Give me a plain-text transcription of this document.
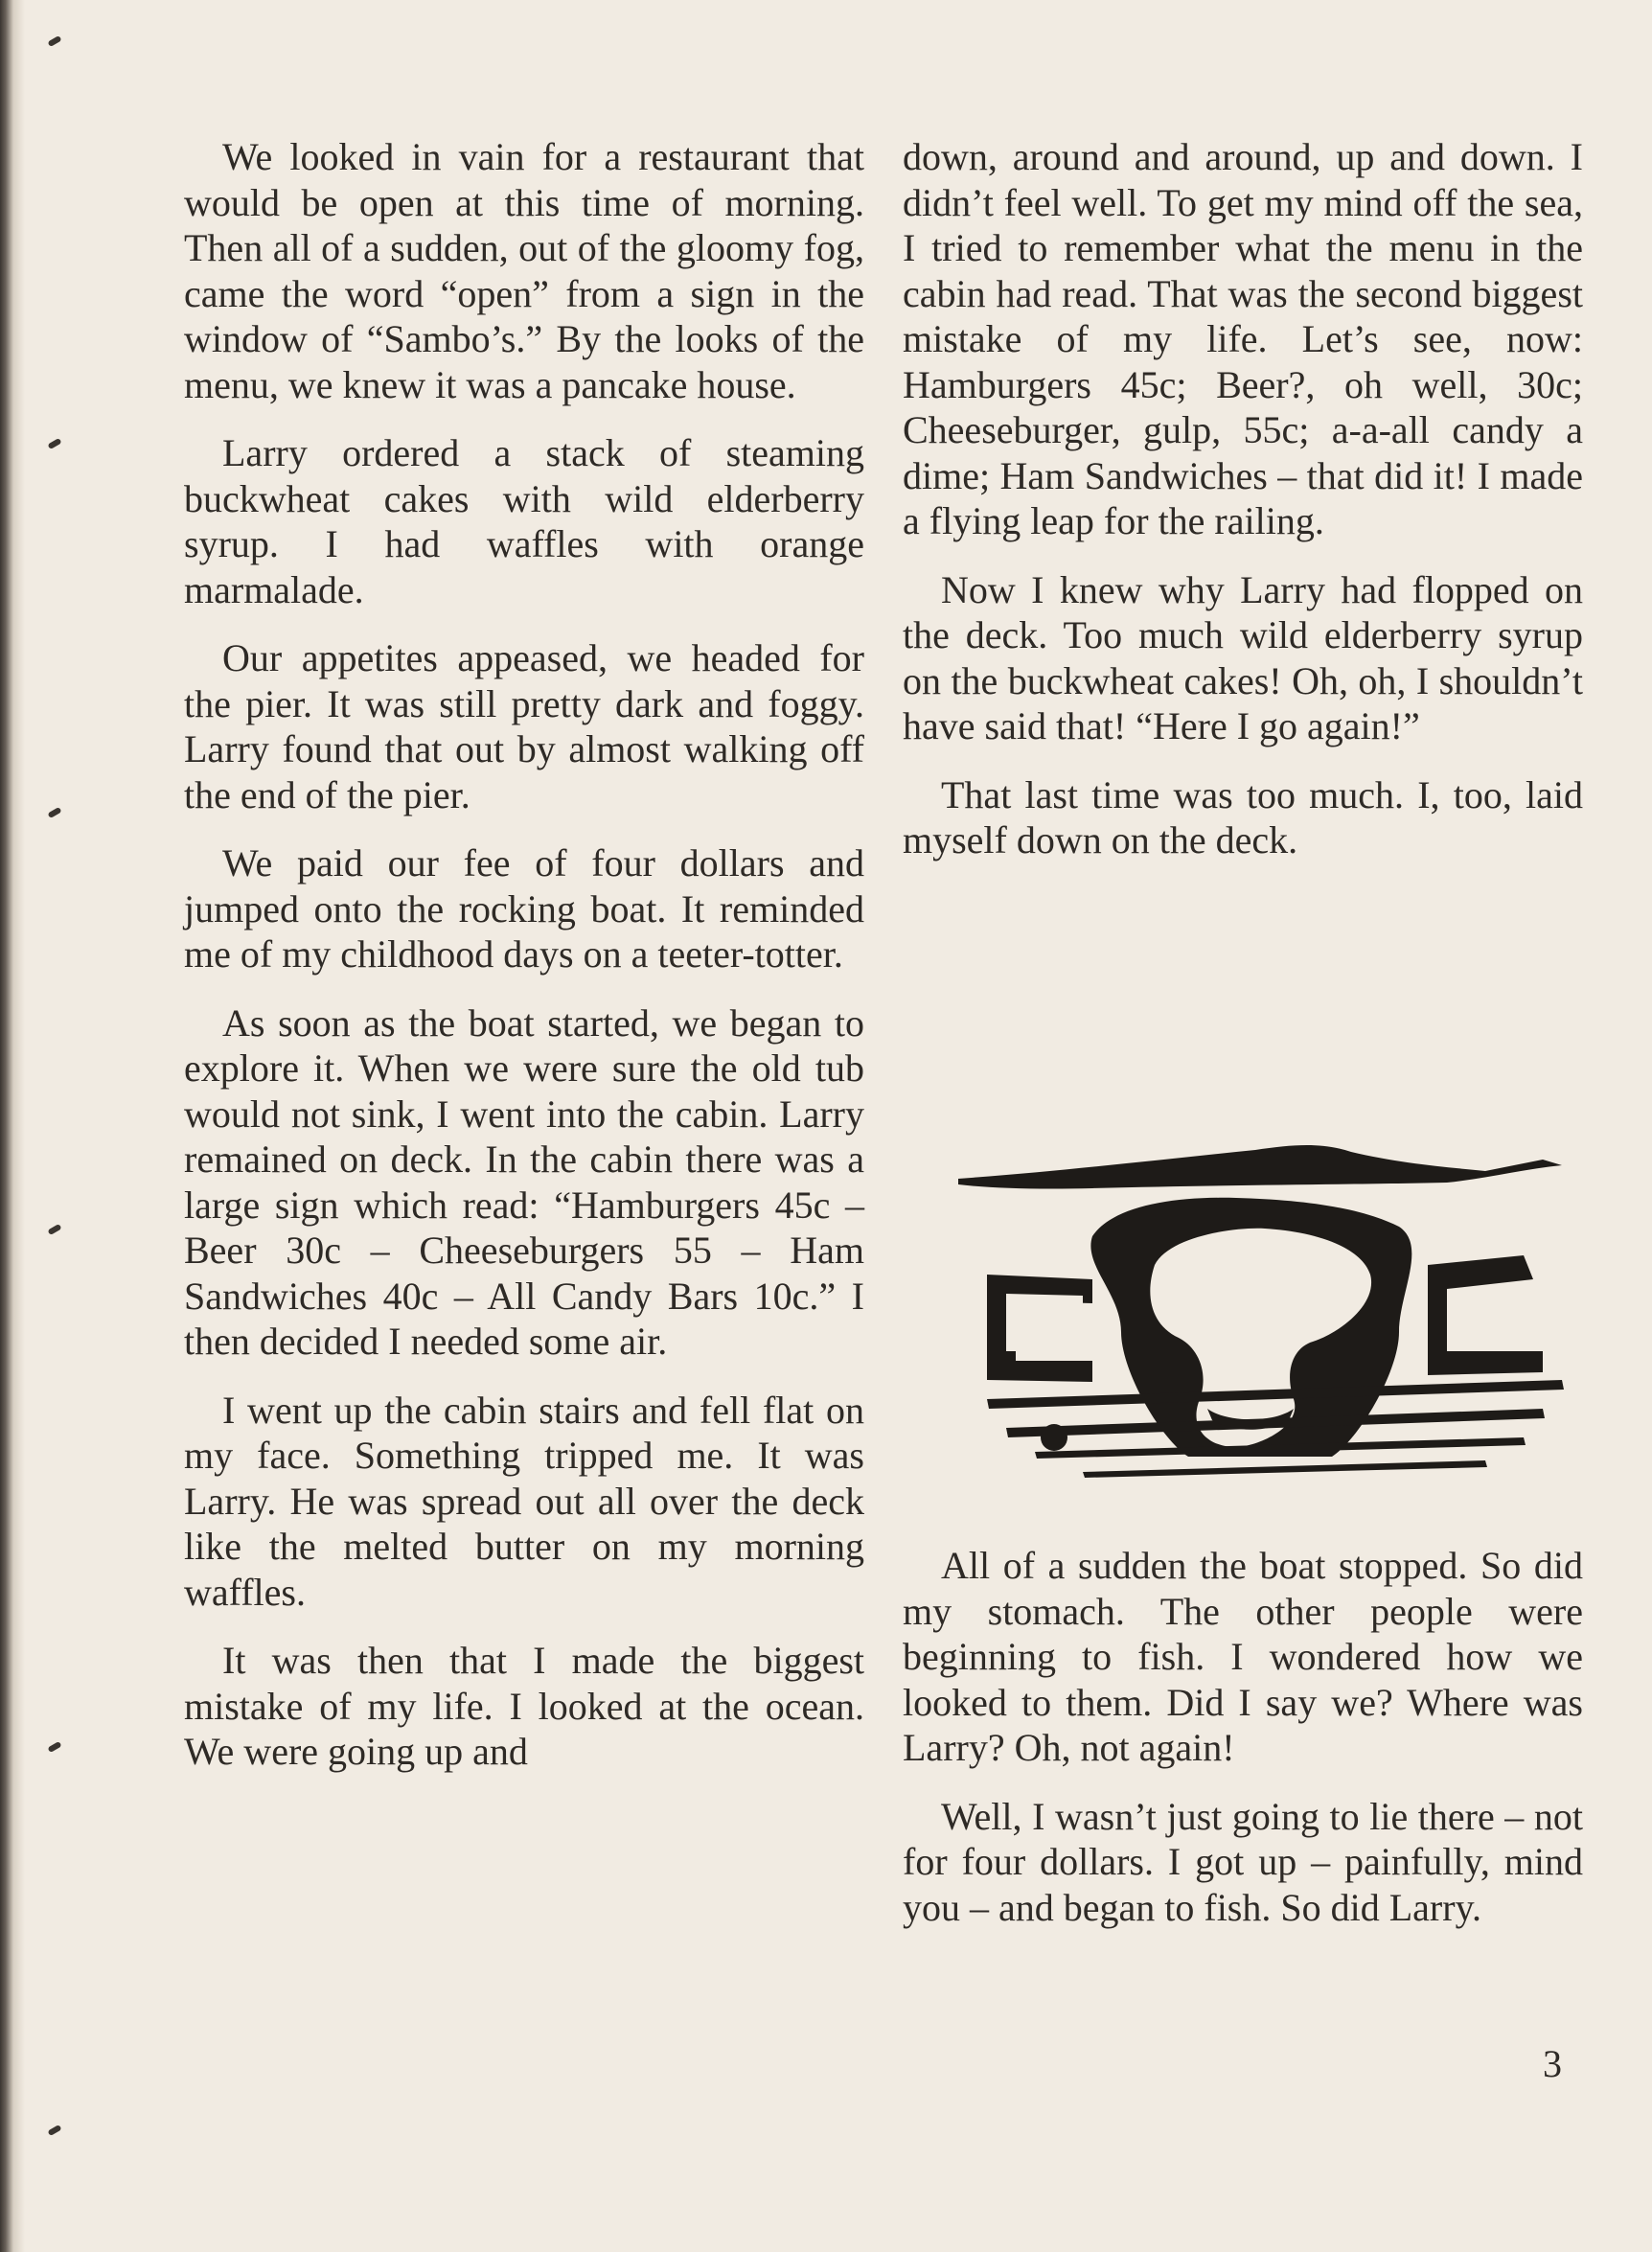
We looked in vain for a restaurant that would be open at this time of morning. Then all of a sudden, out of the gloomy fog, came the word “open” from a sign in the window of “Sambo’s.” By the looks of the menu, we knew it was a pancake house.

Larry ordered a stack of steaming buckwheat cakes with wild elderberry syrup. I had waffles with orange marmalade.

Our appetites appeased, we headed for the pier. It was still pretty dark and foggy. Larry found that out by almost walking off the end of the pier.

We paid our fee of four dollars and jumped onto the rocking boat. It reminded me of my childhood days on a teeter-totter.

As soon as the boat started, we began to explore it. When we were sure the old tub would not sink, I went into the cabin. Larry remained on deck. In the cabin there was a large sign which read: “Hamburgers 45c – Beer 30c – Cheeseburgers 55 – Ham Sandwiches 40c – All Candy Bars 10c.” I then decided I needed some air.

I went up the cabin stairs and fell flat on my face. Something tripped me. It was Larry. He was spread out all over the deck like the melted butter on my morning waffles.

It was then that I made the biggest mistake of my life. I looked at the ocean. We were going up and

down, around and around, up and down. I didn’t feel well. To get my mind off the sea, I tried to remember what the menu in the cabin had read. That was the second biggest mistake of my life. Let’s see, now: Hamburgers 45c; Beer?, oh well, 30c; Cheeseburger, gulp, 55c; a-a-all candy a dime; Ham Sandwiches – that did it! I made a flying leap for the railing.

Now I knew why Larry had flopped on the deck. Too much wild elderberry syrup on the buckwheat cakes! Oh, oh, I shouldn’t have said that! “Here I go again!”

That last time was too much. I, too, laid myself down on the deck.

All of a sudden the boat stopped. So did my stomach. The other people were beginning to fish. I wondered how we looked to them. Did I say we? Where was Larry? Oh, not again!

Well, I wasn’t just going to lie there – not for four dollars. I got up – painfully, mind you – and began to fish. So did Larry.

3
